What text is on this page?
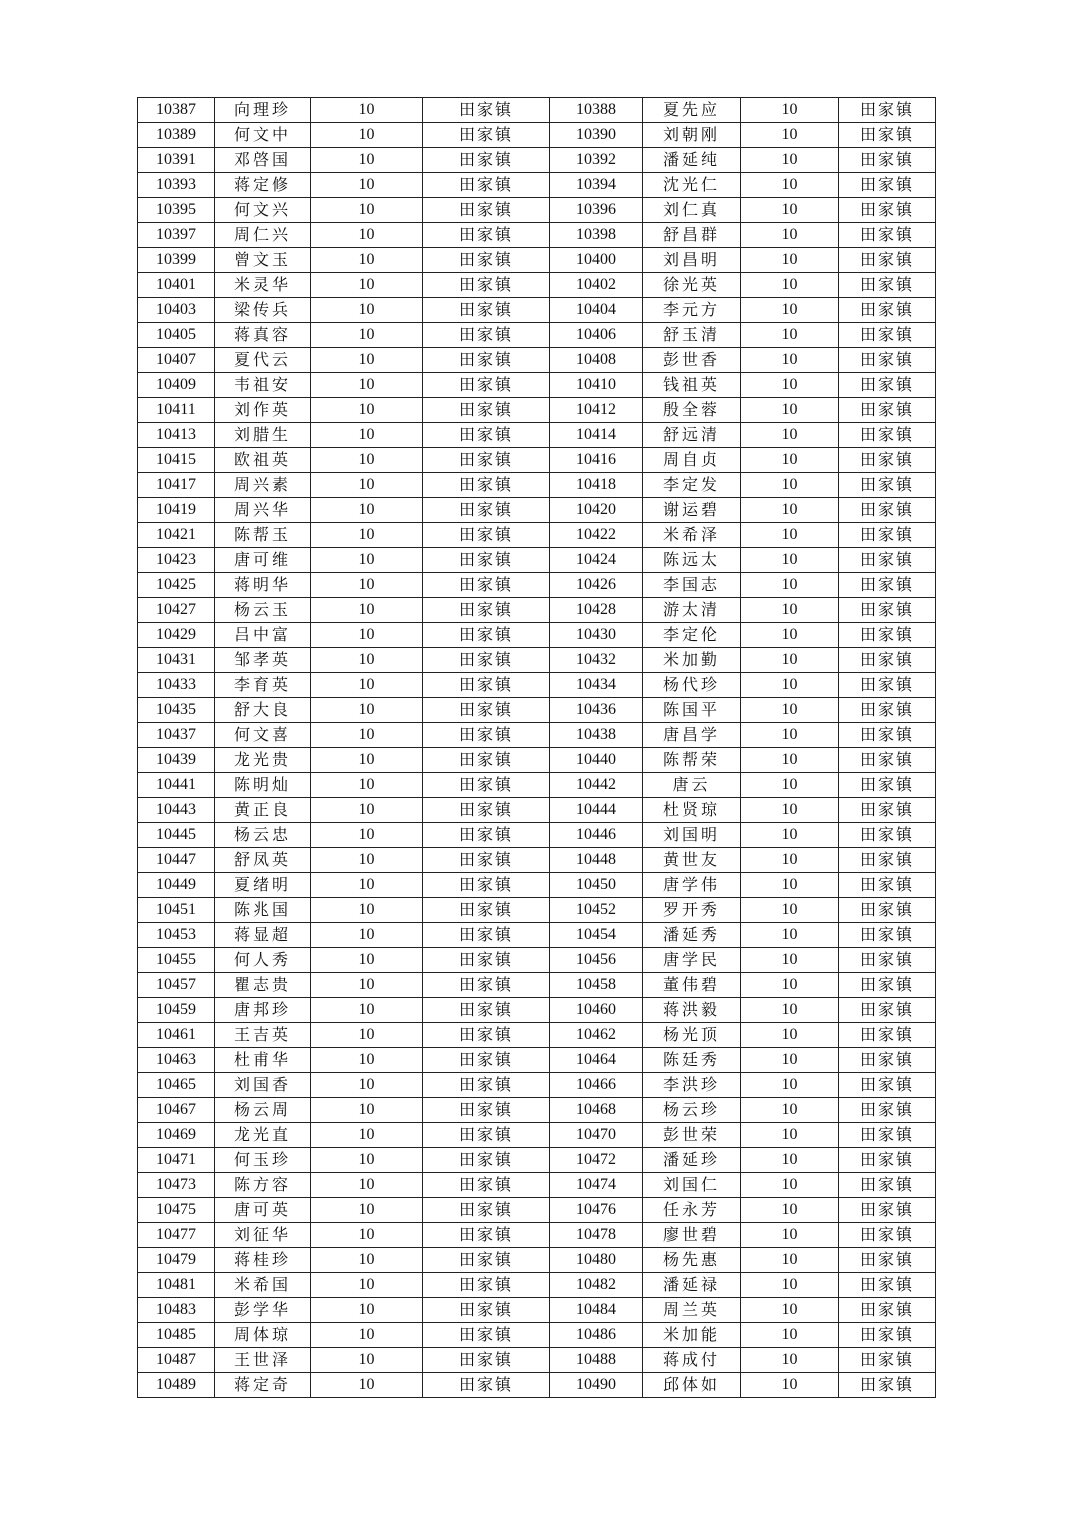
10387	向理珍	10	田家镇	10388	夏先应	10	田家镇
10389	何文中	10	田家镇	10390	刘朝刚	10	田家镇
10391	邓啓国	10	田家镇	10392	潘延纯	10	田家镇
10393	蒋定修	10	田家镇	10394	沈光仁	10	田家镇
10395	何文兴	10	田家镇	10396	刘仁真	10	田家镇
10397	周仁兴	10	田家镇	10398	舒昌群	10	田家镇
10399	曾文玉	10	田家镇	10400	刘昌明	10	田家镇
10401	米灵华	10	田家镇	10402	徐光英	10	田家镇
10403	梁传兵	10	田家镇	10404	李元方	10	田家镇
10405	蒋真容	10	田家镇	10406	舒玉清	10	田家镇
10407	夏代云	10	田家镇	10408	彭世香	10	田家镇
10409	韦祖安	10	田家镇	10410	钱祖英	10	田家镇
10411	刘作英	10	田家镇	10412	殷全蓉	10	田家镇
10413	刘腊生	10	田家镇	10414	舒远清	10	田家镇
10415	欧祖英	10	田家镇	10416	周自贞	10	田家镇
10417	周兴素	10	田家镇	10418	李定发	10	田家镇
10419	周兴华	10	田家镇	10420	谢运碧	10	田家镇
10421	陈帮玉	10	田家镇	10422	米希泽	10	田家镇
10423	唐可维	10	田家镇	10424	陈远太	10	田家镇
10425	蒋明华	10	田家镇	10426	李国志	10	田家镇
10427	杨云玉	10	田家镇	10428	游太清	10	田家镇
10429	吕中富	10	田家镇	10430	李定伦	10	田家镇
10431	邹孝英	10	田家镇	10432	米加勤	10	田家镇
10433	李育英	10	田家镇	10434	杨代珍	10	田家镇
10435	舒大良	10	田家镇	10436	陈国平	10	田家镇
10437	何文喜	10	田家镇	10438	唐昌学	10	田家镇
10439	龙光贵	10	田家镇	10440	陈帮荣	10	田家镇
10441	陈明灿	10	田家镇	10442	唐云	10	田家镇
10443	黄正良	10	田家镇	10444	杜贤琼	10	田家镇
10445	杨云忠	10	田家镇	10446	刘国明	10	田家镇
10447	舒凤英	10	田家镇	10448	黄世友	10	田家镇
10449	夏绪明	10	田家镇	10450	唐学伟	10	田家镇
10451	陈兆国	10	田家镇	10452	罗开秀	10	田家镇
10453	蒋显超	10	田家镇	10454	潘延秀	10	田家镇
10455	何人秀	10	田家镇	10456	唐学民	10	田家镇
10457	瞿志贵	10	田家镇	10458	董伟碧	10	田家镇
10459	唐邦珍	10	田家镇	10460	蒋洪毅	10	田家镇
10461	王吉英	10	田家镇	10462	杨光顶	10	田家镇
10463	杜甫华	10	田家镇	10464	陈廷秀	10	田家镇
10465	刘国香	10	田家镇	10466	李洪珍	10	田家镇
10467	杨云周	10	田家镇	10468	杨云珍	10	田家镇
10469	龙光直	10	田家镇	10470	彭世荣	10	田家镇
10471	何玉珍	10	田家镇	10472	潘延珍	10	田家镇
10473	陈方容	10	田家镇	10474	刘国仁	10	田家镇
10475	唐可英	10	田家镇	10476	任永芳	10	田家镇
10477	刘征华	10	田家镇	10478	廖世碧	10	田家镇
10479	蒋桂珍	10	田家镇	10480	杨先惠	10	田家镇
10481	米希国	10	田家镇	10482	潘延禄	10	田家镇
10483	彭学华	10	田家镇	10484	周兰英	10	田家镇
10485	周体琼	10	田家镇	10486	米加能	10	田家镇
10487	王世泽	10	田家镇	10488	蒋成付	10	田家镇
10489	蒋定奇	10	田家镇	10490	邱体如	10	田家镇
